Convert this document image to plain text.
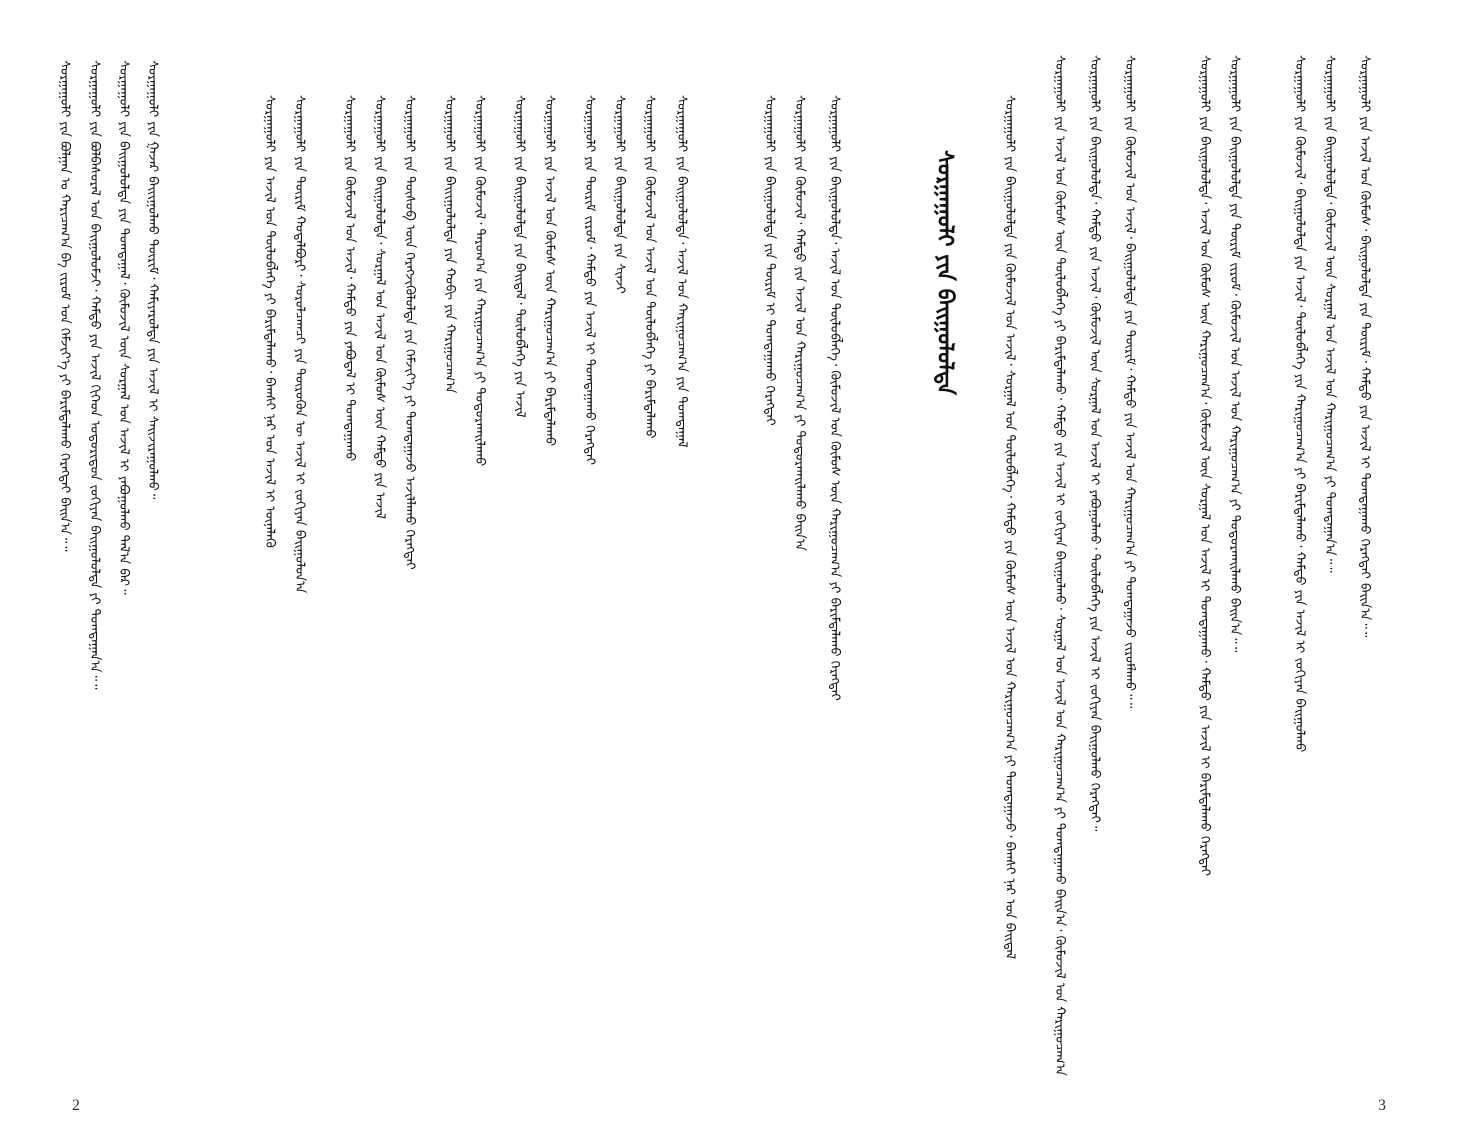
ᠰᠤᠷᠭᠠᠭᠤᠯᠢ ᠶᠢᠨ ᠪᠤᠯᠭᠠᠨ ᠤ ᠬᠠᠷᠢᠴᠠᠭ᠎ᠠ ᠪᠠ ᠵᠢᠷᠤᠮ ᠤᠨ ᠬᠡᠮᠵᠢᠶ᠎ᠡ ᠶᠢ ᠪᠠᠷᠢᠮᠳᠠᠯᠠᠬᠤ ᠬᠡᠷᠡᠭᠲᠡᠢ ᠪᠠᠢᠨ᠎ᠠ᠃᠃ ᠰᠤᠷᠭᠠᠭᠤᠯᠢ ᠶᠢᠨ ᠪᠤᠯᠪᠠᠰᠤᠷᠠᠯ ᠤᠨ ᠪᠠᠢᠭᠤᠯᠤᠮᠵᠢ᠂ ᠬᠠᠮᠲᠤ ᠶᠢᠨ ᠠᠵᠢᠯ ᠬᠢᠬᠡᠳ ᠤᠳᠤᠷᠢᠳᠤᠨ ᠵᠤᠬᠢᠶᠠᠨ ᠪᠠᠢᠭᠤᠯᠤᠯᠲᠠ ᠶᠢ ᠲᠣᠭᠲᠠᠭᠠᠨ᠎ᠠ᠃᠃ ᠰᠤᠷᠭᠠᠭᠤᠯᠢ ᠶᠢᠨ ᠪᠠᠢᠭᠤᠯᠤᠯᠲᠠ ᠶᠢᠨ ᠲᠣᠭᠲᠠᠭᠠᠯ᠂ ᠬᠦᠮᠦᠵᠢᠯ ᠦᠨ ᠰᠤᠷᠭᠠᠯ ᠤᠨ ᠠᠵᠢᠯ ᠢ ᠶᠠᠪᠤᠭᠤᠯᠬᠤ ᠲᠠᠯ᠎ᠠ ᠪᠠᠷ᠃ ᠰᠤᠷᠭᠠᠭᠤᠯᠢ ᠶᠢᠨ ᠭᠠᠵᠠᠷ ᠪᠠᠢᠢᠭᠤᠯᠬᠤ ᠳᠦᠷᠢᠮ᠂ ᠬᠠᠮᠢᠶᠠᠷᠤᠯᠲᠠ ᠶᠢᠨ ᠠᠵᠢᠯ ᠢ ᠰᠠᠢᠵᠢᠷᠠᠭᠤᠯᠬᠤ᠃	ᠰᠤᠷᠭᠠᠭᠤᠯᠢ ᠶᠢᠨ ᠠᠵᠢᠯ ᠤᠨ ᠲᠥᠯᠦᠪᠯᠡᠭᠡ ᠶᠢ ᠪᠠᠷᠢᠮᠳᠠᠯᠠᠬᠤ᠂ ᠪᠠᠭᠰᠢ ᠨᠠᠷ ᠤᠨ ᠠᠵᠢᠯ ᠢ ᠦᠨᠡᠯᠡᠬᠦ ᠰᠤᠷᠭᠠᠭᠤᠯᠢ ᠶᠢᠨ ᠳᠦᠷᠢᠮ ᠬᠤᠲᠠᠯᠪᠤᠷᠢ᠂ ᠰᠤᠷᠤᠯᠴᠠᠭᠴᠢ ᠶᠢᠨ ᠲᠦᠷᠦᠭᠦᠨ ᠦ ᠠᠵᠢᠯ ᠢ ᠵᠤᠬᠢᠶᠠᠨ ᠪᠠᠢᠭᠤᠯᠤᠨ᠎ᠠ	ᠰᠤᠷᠭᠠᠭᠤᠯᠢ ᠶᠢᠨ ᠬᠦᠮᠦᠵᠢᠯ ᠤᠨ ᠠᠵᠢᠯ᠂ ᠬᠠᠮᠲᠤ ᠶᠢᠨ ᠶᠠᠪᠤᠳᠠᠯ ᠢ ᠲᠣᠭᠲᠠᠭᠠᠬᠤ ᠰᠤᠷᠭᠠᠭᠤᠯᠢ ᠶᠢᠨ ᠪᠠᠢᠭᠤᠯᠤᠯᠲᠠ᠂ ᠰᠤᠷᠭᠠᠯ ᠤᠨ ᠠᠵᠢᠯ ᠤᠨ ᠬᠦᠮᠦᠰ ᠦᠨ ᠬᠠᠮᠲᠤ ᠶᠢᠨ ᠠᠵᠢᠯ ᠰᠤᠷᠭᠠᠭᠤᠯᠢ ᠶᠢᠨ ᠲᠦᠰᠦᠪ ᠦᠨ ᠬᠡᠷᠡᠭᠵᠢᠭᠦᠯᠦᠯᠲᠡ ᠶᠢᠨ ᠬᠡᠮᠵᠢᠶ᠎ᠡ ᠶᠢ ᠲᠣᠭᠲᠠᠭᠠᠵᠤ ᠠᠵᠢᠯᠯᠠᠬᠤ ᠬᠡᠷᠡᠭᠲᠡᠢ ᠰᠤᠷᠭᠠᠭᠤᠯᠢ ᠶᠢᠨ ᠪᠠᠢᠢᠭᠤᠯᠤᠯᠲᠠ ᠶᠢᠨ ᠬᠤᠪᠢ ᠶᠢᠨ ᠬᠠᠷᠢᠭᠤᠴᠠᠭ᠎ᠠ ᠰᠤᠷᠭᠠᠭᠤᠯᠢ ᠶᠢᠨ ᠬᠦᠮᠦᠵᠢᠯ᠂ ᠳᠠᠷᠤᠭ᠎ᠠ ᠶᠢᠨ ᠬᠠᠷᠢᠭᠤᠴᠠᠭ᠎ᠠ ᠶᠢ ᠲᠣᠳᠤᠷᠬᠠᠢᠯᠠᠬᠤ ᠰᠤᠷᠭᠠᠭᠤᠯᠢ ᠶᠢᠨ ᠪᠠᠢᠭᠤᠯᠤᠯᠲᠠ ᠶᠢᠨ ᠪᠠᠢᠳᠠᠯ᠂ ᠲᠥᠯᠦᠪᠯᠡᠭᠡ ᠶᠢᠨ ᠠᠵᠢᠯ ᠰᠤᠷᠭᠠᠭᠤᠯᠢ ᠶᠢᠨ ᠠᠵᠢᠯ ᠤᠨ ᠬᠦᠮᠦᠰ ᠦᠨ ᠬᠠᠷᠢᠭᠤᠴᠠᠭ᠎ᠠ ᠶᠢ ᠪᠠᠷᠢᠮᠳᠠᠯᠠᠬᠤ ᠰᠤᠷᠭᠠᠭᠤᠯᠢ ᠶᠢᠨ ᠳᠦᠷᠢᠮ ᠵᠢᠷᠤᠮ᠂ ᠬᠠᠮᠲᠤ ᠶᠢᠨ ᠠᠵᠢᠯ ᠢ ᠲᠣᠭᠲᠠᠭᠠᠬᠤ ᠬᠡᠷᠡᠭᠲᠡᠢ ᠰᠤᠷᠭᠠᠭᠤᠯᠢ ᠶᠢᠨ ᠪᠠᠢᠭᠤᠯᠤᠯᠲᠠ ᠶᠢᠨ ᠰᠢᠨᠵᠢ ᠰᠤᠷᠭᠠᠭᠤᠯᠢ ᠶᠢᠨ ᠬᠦᠮᠦᠵᠢᠯ ᠤᠨ ᠠᠵᠢᠯ ᠤᠨ ᠲᠥᠯᠦᠪᠯᠡᠭᠡ ᠶᠢ ᠪᠠᠷᠢᠮᠳᠠᠯᠠᠬᠤ ᠰᠤᠷᠭᠠᠭᠤᠯᠢ ᠶᠢᠨ ᠪᠠᠢᠭᠤᠯᠤᠯᠲᠠ᠂ ᠠᠵᠢᠯ ᠤᠨ ᠬᠠᠷᠢᠭᠤᠴᠠᠭ᠎ᠠ ᠶᠢᠨ ᠲᠣᠭᠲᠠᠭᠠᠯ	ᠰᠤᠷᠭᠠᠭᠤᠯᠢ ᠶᠢᠨ ᠪᠠᠢᠭᠤᠯᠤᠯᠲᠠ ᠶᠢᠨ ᠳᠦᠷᠢᠮ ᠢ ᠲᠣᠭᠲᠠᠭᠠᠬᠤ ᠬᠡᠷᠡᠭᠲᠡᠢ ᠰᠤᠷᠭᠠᠭᠤᠯᠢ ᠶᠢᠨ ᠬᠦᠮᠦᠵᠢᠯ᠂ ᠬᠠᠮᠲᠤ ᠶᠢᠨ ᠠᠵᠢᠯ ᠤᠨ ᠬᠠᠷᠢᠭᠤᠴᠠᠭ᠎ᠠ ᠶᠢ ᠲᠣᠳᠤᠷᠬᠠᠢᠯᠠᠬᠤ ᠪᠠᠢᠨ᠎ᠠ ᠰᠤᠷᠭᠠᠭᠤᠯᠢ ᠶᠢᠨ ᠪᠠᠢᠭᠤᠯᠤᠯᠲᠠ᠂ ᠠᠵᠢᠯ ᠤᠨ ᠲᠥᠯᠦᠪᠯᠡᠭᠡ᠂ ᠬᠦᠮᠦᠵᠢᠯ ᠤᠨ ᠬᠦᠮᠦᠰ ᠦᠨ ᠬᠠᠷᠢᠭᠤᠴᠠᠭ᠎ᠠ ᠶᠢ ᠪᠠᠷᠢᠮᠳᠠᠯᠠᠬᠤ ᠬᠡᠷᠡᠭᠲᠡᠢ	ᠰᠤᠷᠭᠠᠭᠤᠯᠢ ᠶᠢᠨ ᠪᠠᠢᠭᠤᠯᠤᠯᠲᠠ ᠶᠢᠨ ᠬᠦᠮᠦᠵᠢᠯ ᠤᠨ ᠠᠵᠢᠯ᠂ ᠰᠤᠷᠭᠠᠯ ᠤᠨ ᠲᠥᠯᠦᠪᠯᠡᠭᠡ᠂ ᠬᠠᠮᠲᠤ ᠶᠢᠨ ᠬᠦᠮᠦᠰ ᠦᠨ ᠠᠵᠢᠯ ᠤᠨ ᠬᠠᠷᠢᠭᠤᠴᠠᠭ᠎ᠠ ᠶᠢ ᠲᠣᠭᠲᠠᠭᠠᠵᠤ᠂ ᠪᠠᠭᠰᠢ ᠨᠠᠷ ᠤᠨ ᠪᠠᠢᠳᠠᠯ	ᠰᠤᠷᠭᠠᠭᠤᠯᠢ ᠶᠢᠨ ᠠᠵᠢᠯ ᠤᠨ ᠬᠦᠮᠦᠰ ᠦᠨ ᠲᠥᠯᠦᠪᠯᠡᠭᠡ ᠶᠢ ᠪᠠᠷᠢᠮᠳᠠᠯᠠᠬᠤ᠂ ᠬᠠᠮᠲᠤ ᠶᠢᠨ ᠠᠵᠢᠯ ᠢ ᠵᠤᠬᠢᠶᠠᠨ ᠪᠠᠢᠭᠤᠯᠬᠤ᠂ ᠰᠤᠷᠭᠠᠯ ᠤᠨ ᠠᠵᠢᠯ ᠤᠨ ᠬᠠᠷᠢᠭᠤᠴᠠᠭ᠎ᠠ ᠶᠢ ᠲᠣᠭᠲᠠᠭᠠᠬᠤ ᠪᠠᠢᠨ᠎ᠠ᠂ ᠬᠦᠮᠦᠵᠢᠯ ᠤᠨ ᠬᠠᠷᠢᠭᠤᠴᠠᠭ᠎ᠠ ᠰᠤᠷᠭᠠᠭᠤᠯᠢ ᠶᠢᠨ ᠪᠠᠢᠭᠤᠯᠤᠯᠲᠠ᠂ ᠬᠠᠮᠲᠤ ᠶᠢᠨ ᠠᠵᠢᠯ᠂ ᠬᠦᠮᠦᠵᠢᠯ ᠦᠨ ᠰᠤᠷᠭᠠᠯ ᠤᠨ ᠠᠵᠢᠯ ᠢ ᠶᠠᠪᠤᠭᠤᠯᠬᠤ᠂ ᠲᠥᠯᠦᠪᠯᠡᠭᠡ ᠶᠢᠨ ᠠᠵᠢᠯ ᠢ ᠵᠤᠬᠢᠶᠠᠨ ᠪᠠᠢᠭᠤᠯᠬᠤ ᠬᠡᠷᠡᠭᠲᠡᠢ᠃ ᠰᠤᠷᠭᠠᠭᠤᠯᠢ ᠶᠢᠨ ᠬᠦᠮᠦᠵᠢᠯ ᠤᠨ ᠠᠵᠢᠯ᠂ ᠪᠠᠢᠭᠤᠯᠤᠯᠲᠠ ᠶᠢᠨ ᠳᠦᠷᠢᠮ᠂ ᠬᠠᠮᠲᠤ ᠶᠢᠨ ᠠᠵᠢᠯ ᠤᠨ ᠬᠠᠷᠢᠭᠤᠴᠠᠭ᠎ᠠ ᠶᠢ ᠲᠣᠭᠲᠠᠭᠠᠵᠤ ᠵᠢᠷᠤᠮᠯᠠᠬᠤ᠃᠃	ᠰᠤᠷᠭᠠᠭᠤᠯᠢ ᠶᠢᠨ ᠪᠠᠢᠭᠤᠯᠤᠯᠲᠠ᠂ ᠠᠵᠢᠯ ᠤᠨ ᠬᠦᠮᠦᠰ ᠦᠨ ᠬᠠᠷᠢᠭᠤᠴᠠᠭ᠎ᠠ᠂ ᠬᠦᠮᠦᠵᠢᠯ ᠦᠨ ᠰᠤᠷᠭᠠᠯ ᠤᠨ ᠠᠵᠢᠯ ᠢ ᠲᠣᠭᠲᠠᠭᠠᠬᠤ᠂ ᠬᠠᠮᠲᠤ ᠶᠢᠨ ᠠᠵᠢᠯ ᠢ ᠪᠠᠷᠢᠮᠳᠠᠯᠠᠬᠤ ᠬᠡᠷᠡᠭᠲᠡᠢ ᠰᠤᠷᠭᠠᠭᠤᠯᠢ ᠶᠢᠨ ᠪᠠᠢᠭᠤᠯᠤᠯᠲᠠ ᠶᠢᠨ ᠳᠦᠷᠢᠮ ᠵᠢᠷᠤᠮ᠂ ᠬᠦᠮᠦᠵᠢᠯ ᠤᠨ ᠠᠵᠢᠯ ᠤᠨ ᠬᠠᠷᠢᠭᠤᠴᠠᠭ᠎ᠠ ᠶᠢ ᠲᠣᠳᠤᠷᠬᠠᠢᠯᠠᠬᠤ ᠪᠠᠢᠨ᠎ᠠ᠃᠃	ᠰᠤᠷᠭᠠᠭᠤᠯᠢ ᠶᠢᠨ ᠬᠦᠮᠦᠵᠢᠯ᠂ ᠪᠠᠢᠭᠤᠯᠤᠯᠲᠠ ᠶᠢᠨ ᠠᠵᠢᠯ᠂ ᠲᠥᠯᠦᠪᠯᠡᠭᠡ ᠶᠢᠨ ᠬᠠᠷᠢᠭᠤᠴᠠᠭ᠎ᠠ ᠶᠢ ᠪᠠᠷᠢᠮᠳᠠᠯᠠᠬᠤ᠂ ᠬᠠᠮᠲᠤ ᠶᠢᠨ ᠠᠵᠢᠯ ᠢ ᠵᠤᠬᠢᠶᠠᠨ ᠪᠠᠢᠭᠤᠯᠬᠤ ᠰᠤᠷᠭᠠᠭᠤᠯᠢ ᠶᠢᠨ ᠪᠠᠢᠭᠤᠯᠤᠯᠲᠠ᠂ ᠬᠦᠮᠦᠵᠢᠯ ᠦᠨ ᠰᠤᠷᠭᠠᠯ ᠤᠨ ᠠᠵᠢᠯ ᠤᠨ ᠬᠠᠷᠢᠭᠤᠴᠠᠭ᠎ᠠ ᠶᠢ ᠲᠣᠭᠲᠠᠭᠠᠨ᠎ᠠ᠃᠃ ᠰᠤᠷᠭᠠᠭᠤᠯᠢ ᠶᠢᠨ ᠠᠵᠢᠯ ᠤᠨ ᠬᠦᠮᠦᠰ᠂ ᠪᠠᠢᠭᠤᠯᠤᠯᠲᠠ ᠶᠢᠨ ᠳᠦᠷᠢᠮ᠂ ᠬᠠᠮᠲᠤ ᠶᠢᠨ ᠠᠵᠢᠯ ᠢ ᠲᠣᠭᠲᠠᠭᠠᠬᠤ ᠬᠡᠷᠡᠭᠲᠡᠢ ᠪᠠᠢᠨ᠎ᠠ᠃᠃
ᠰᠤᠷᠭᠠᠭᠤᠯᠢ ᠶᠢᠨ ᠪᠠᠢᠭᠤᠯᠤᠯᠲᠠ
2	3
